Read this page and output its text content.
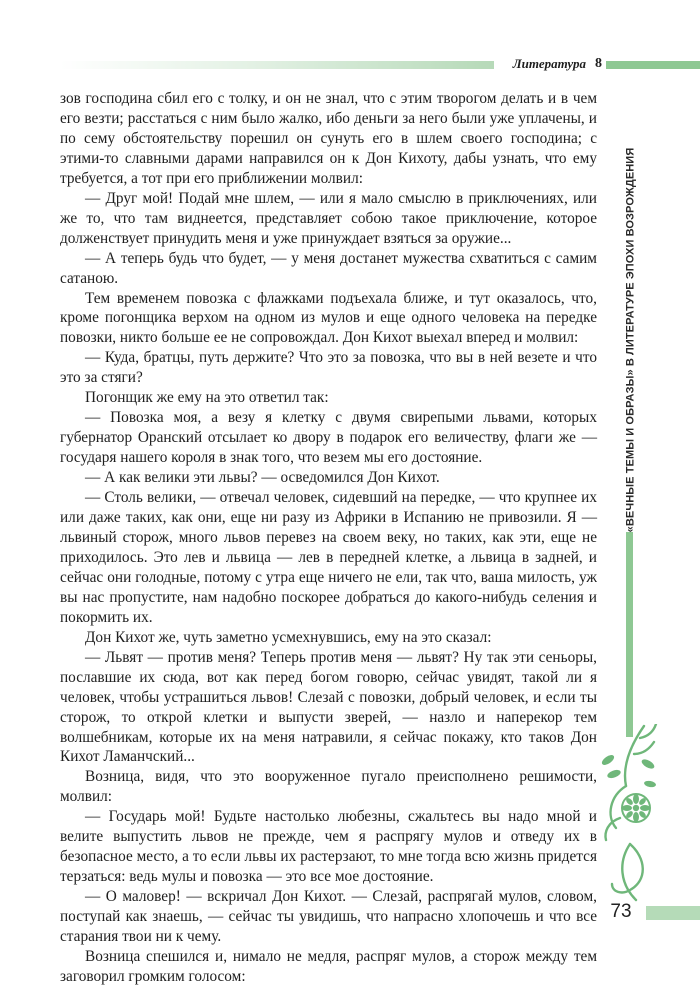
Литература 8

зов господина сбил его с толку, и он не знал, что с этим творогом делать и в чем его везти; расстаться с ним было жалко, ибо деньги за него были уже уплачены, и по сему обстоятельству порешил он сунуть его в шлем своего господина; с этими-то славными дарами направился он к Дон Кихоту, дабы узнать, что ему требуется, а тот при его приближении молвил:

— Друг мой! Подай мне шлем, — или я мало смыслю в приключениях, или же то, что там виднеется, представляет собою такое приключение, которое долженствует принудить меня и уже принуждает взяться за оружие...

— А теперь будь что будет, — у меня достанет мужества схватиться с самим сатаною.

Тем временем повозка с флажками подъехала ближе, и тут оказалось, что, кроме погонщика верхом на одном из мулов и еще одного человека на передке повозки, никто больше ее не сопровождал. Дон Кихот выехал вперед и молвил:

— Куда, братцы, путь держите? Что это за повозка, что вы в ней везете и что это за стяги?

Погонщик же ему на это ответил так:

— Повозка моя, а везу я клетку с двумя свирепыми львами, которых губернатор Оранский отсылает ко двору в подарок его величеству, флаги же — государя нашего короля в знак того, что везем мы его достояние.

— А как велики эти львы? — осведомился Дон Кихот.

— Столь велики, — отвечал человек, сидевший на передке, — что крупнее их или даже таких, как они, еще ни разу из Африки в Испанию не привозили. Я — львиный сторож, много львов перевез на своем веку, но таких, как эти, еще не приходилось. Это лев и львица — лев в передней клетке, а львица в задней, и сейчас они голодные, потому с утра еще ничего не ели, так что, ваша милость, уж вы нас пропустите, нам надобно поскорее добраться до какого-нибудь селения и покормить их.

Дон Кихот же, чуть заметно усмехнувшись, ему на это сказал:

— Львят — против меня? Теперь против меня — львят? Ну так эти сеньоры, пославшие их сюда, вот как перед богом говорю, сейчас увидят, такой ли я человек, чтобы устрашиться львов! Слезай с повозки, добрый человек, и если ты сторож, то открой клетки и выпусти зверей, — назло и наперекор тем волшебникам, которые их на меня натравили, я сейчас покажу, кто таков Дон Кихот Ламанчский...

Возница, видя, что это вооруженное пугало преисполнено решимости, молвил:

— Государь мой! Будьте настолько любезны, сжальтесь вы надо мной и велите выпустить львов не прежде, чем я распрягу мулов и отведу их в безопасное место, а то если львы их растерзают, то мне тогда всю жизнь придется терзаться: ведь мулы и повозка — это все мое достояние.

— О маловер! — вскричал Дон Кихот. — Слезай, распрягай мулов, словом, поступай как знаешь, — сейчас ты увидишь, что напрасно хлопочешь и что все старания твои ни к чему.

Возница спешился и, нимало не медля, распряг мулов, а сторож между тем заговорил громким голосом:

«ВЕЧНЫЕ ТЕМЫ И ОБРАЗЫ» В ЛИТЕРАТУРЕ ЭПОХИ ВОЗРОЖДЕНИЯ
73
